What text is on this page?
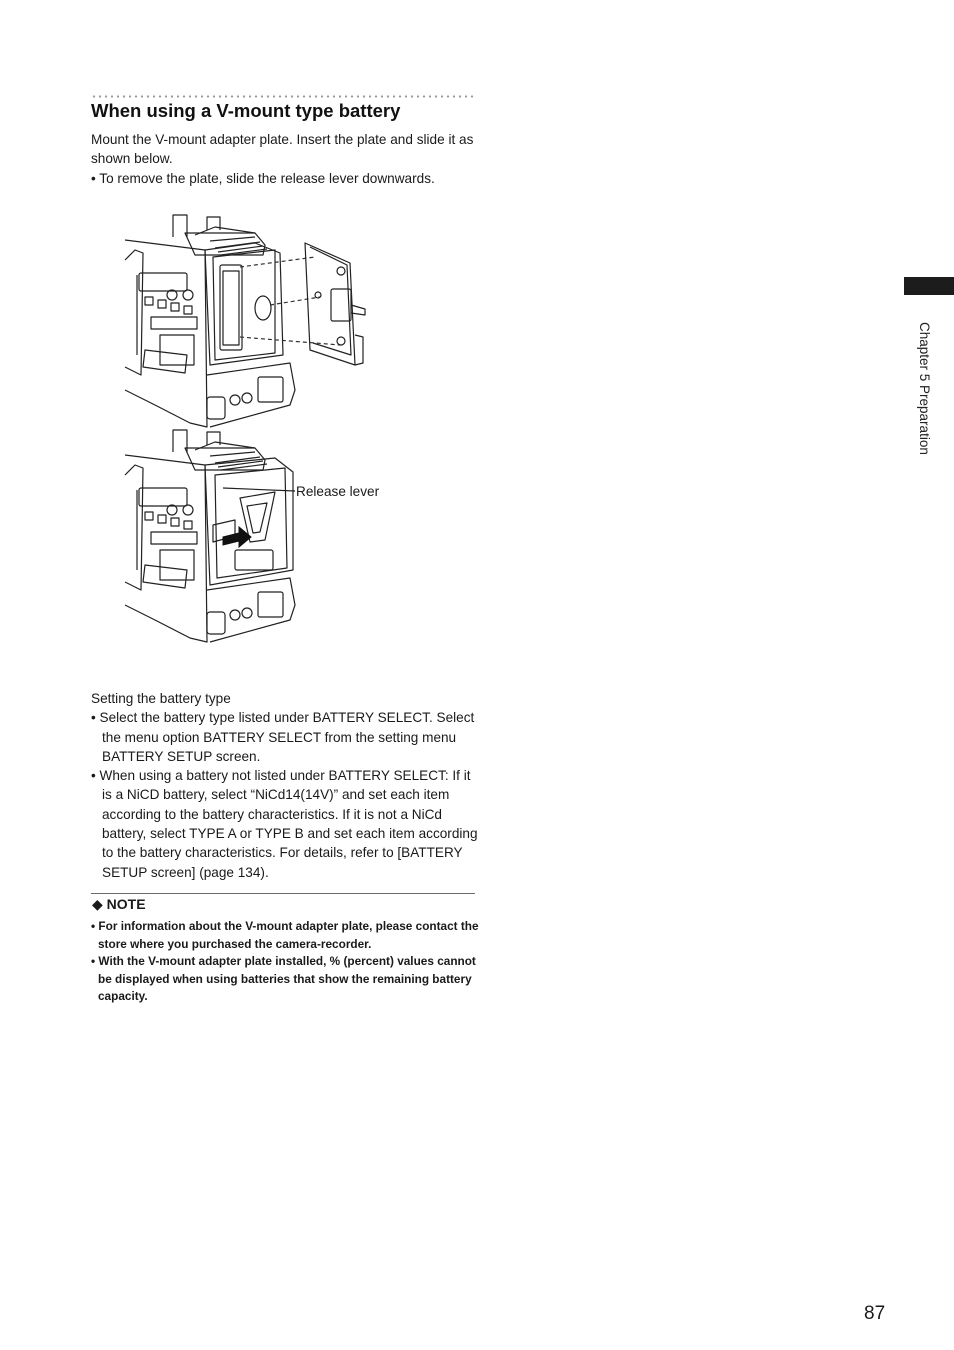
When using a V-mount type battery

Mount the V-mount adapter plate. Insert the plate and slide it as shown below.

• To remove the plate, slide the release lever downwards.

Release lever

Setting the battery type

• Select the battery type listed under BATTERY SELECT. Select the menu option BATTERY SELECT from the setting menu BATTERY SETUP screen.

• When using a battery not listed under BATTERY SELECT: If it is a NiCD battery, select “NiCd14(14V)” and set each item according to the battery characteristics. If it is not a NiCd battery, select TYPE A or TYPE B and set each item according to the battery characteristics. For details, refer to [BATTERY SETUP screen] (page 134).

◆ NOTE

• For information about the V-mount adapter plate, please contact the store where you purchased the camera-recorder.

• With the V-mount adapter plate installed, % (percent) values cannot be displayed when using batteries that show the remaining battery capacity.

Chapter 5 Preparation
87
